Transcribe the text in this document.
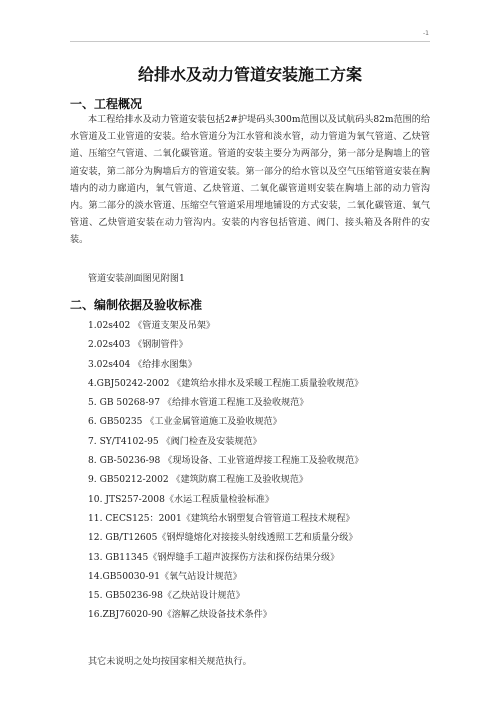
-1
给排水及动力管道安装施工方案
一、工程概况

本工程给排水及动力管道安装包括2#护堤码头300m范围以及试航码头82m范围的给水管道及工业管道的安装。给水管道分为江水管和淡水管，动力管道为氧气管道、乙炔管道、压缩空气管道、二氧化碳管道。管道的安装主要分为两部分，第一部分是胸墙上的管道安装，第二部分为胸墙后方的管道安装。第一部分的给水管以及空气压缩管道安装在胸墙内的动力廊道内，氧气管道、乙炔管道、二氧化碳管道则安装在胸墙上部的动力管沟内。第二部分的淡水管道、压缩空气管道采用埋地铺设的方式安装，二氧化碳管道、氧气管道、乙炔管道安装在动力管沟内。安装的内容包括管道、阀门、接头箱及各附件的安装。

管道安装剖面图见附图1
二、编制依据及验收标准
1.02s402 《管道支架及吊架》
2.02s403 《钢制管件》
3.02s404 《给排水图集》
4.GBJ50242-2002 《建筑给水排水及采暖工程施工质量验收规范》
5. GB 50268-97 《给排水管道工程施工及验收规范》
6. GB50235 《工业金属管道施工及验收规范》
7. SY/T4102-95 《阀门检查及安装规范》
8. GB-50236-98 《现场设备、工业管道焊接工程施工及验收规范》
9. GB50212-2002 《建筑防腐工程施工及验收规范》
10. JTS257-2008《水运工程质量检验标准》
11. CECS125：2001《建筑给水钢塑复合管管道工程技术规程》
12. GB/T12605《钢焊缝熔化对接接头射线透照工艺和质量分级》
13. GB11345《钢焊缝手工超声波探伤方法和探伤结果分级》
14.GB50030-91《氧气站设计规范》
15. GB50236-98《乙炔站设计规范》
16.ZBJ76020-90《溶解乙炔设备技术条件》
其它未说明之处均按国家相关规范执行。
